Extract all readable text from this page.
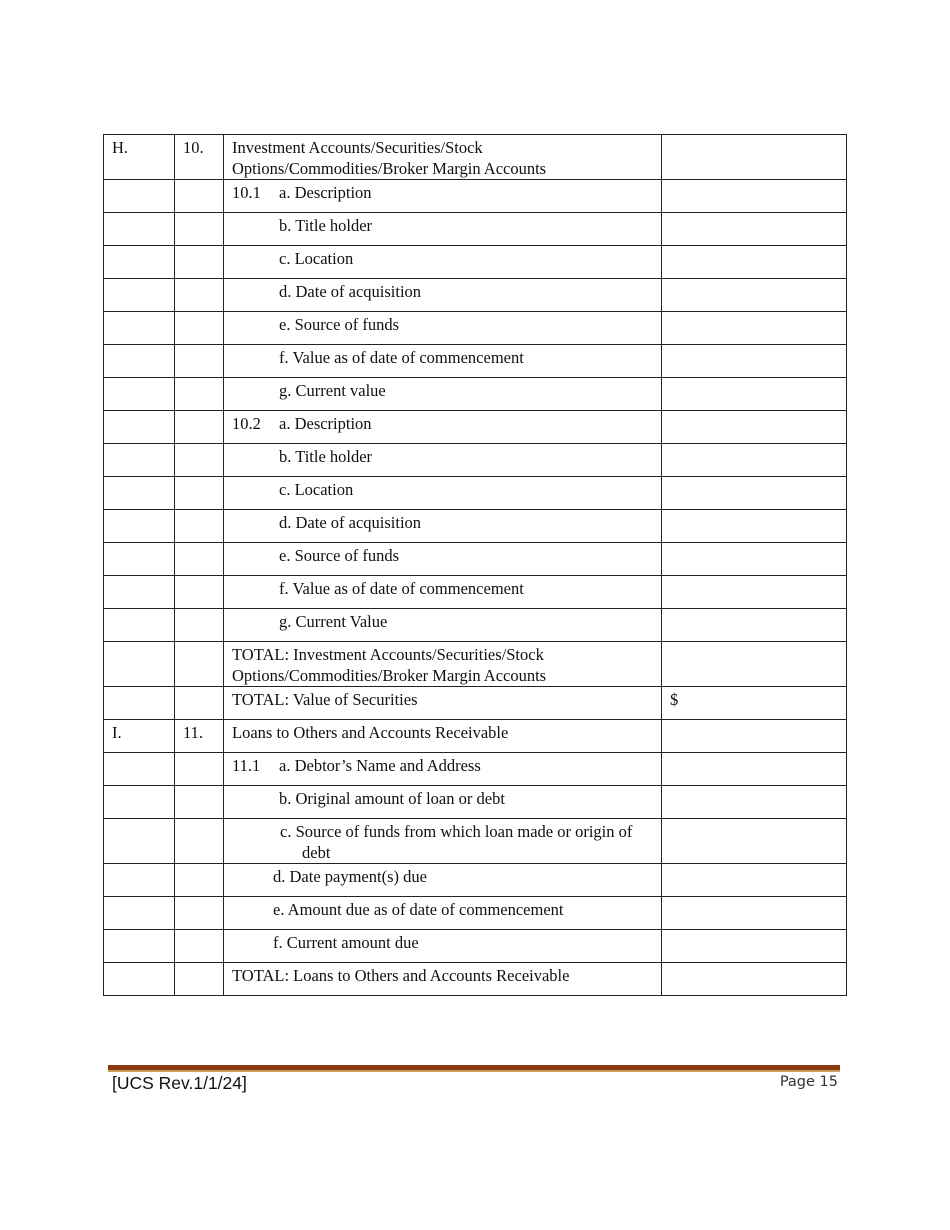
H.	10.	Investment Accounts/Securities/Stock Options/Commodities/Broker Margin Accounts	
		10.1 a. Description	

		b. Title holder	

		c. Location	

		d. Date of acquisition	

		e. Source of funds	

		f. Value as of date of commencement	

		g. Current value	

		10.2 a. Description	

		b. Title holder	

		c. Location	

		d. Date of acquisition	

		e. Source of funds	

		f. Value as of date of commencement	

		g. Current Value	

		TOTAL: Investment Accounts/Securities/Stock Options/Commodities/Broker Margin Accounts	
		TOTAL: Value of Securities	$
I.	11.	Loans to Others and Accounts Receivable	
		11.1 a. Debtor’s Name and Address	

		b. Original amount of loan or debt	

		c. Source of funds from which loan made or origin of debt	

		d. Date payment(s) due	

		e. Amount due as of date of commencement	

		f. Current amount due	

		TOTAL: Loans to Others and Accounts Receivable	
[UCS Rev.1/1/24]	Page 15
